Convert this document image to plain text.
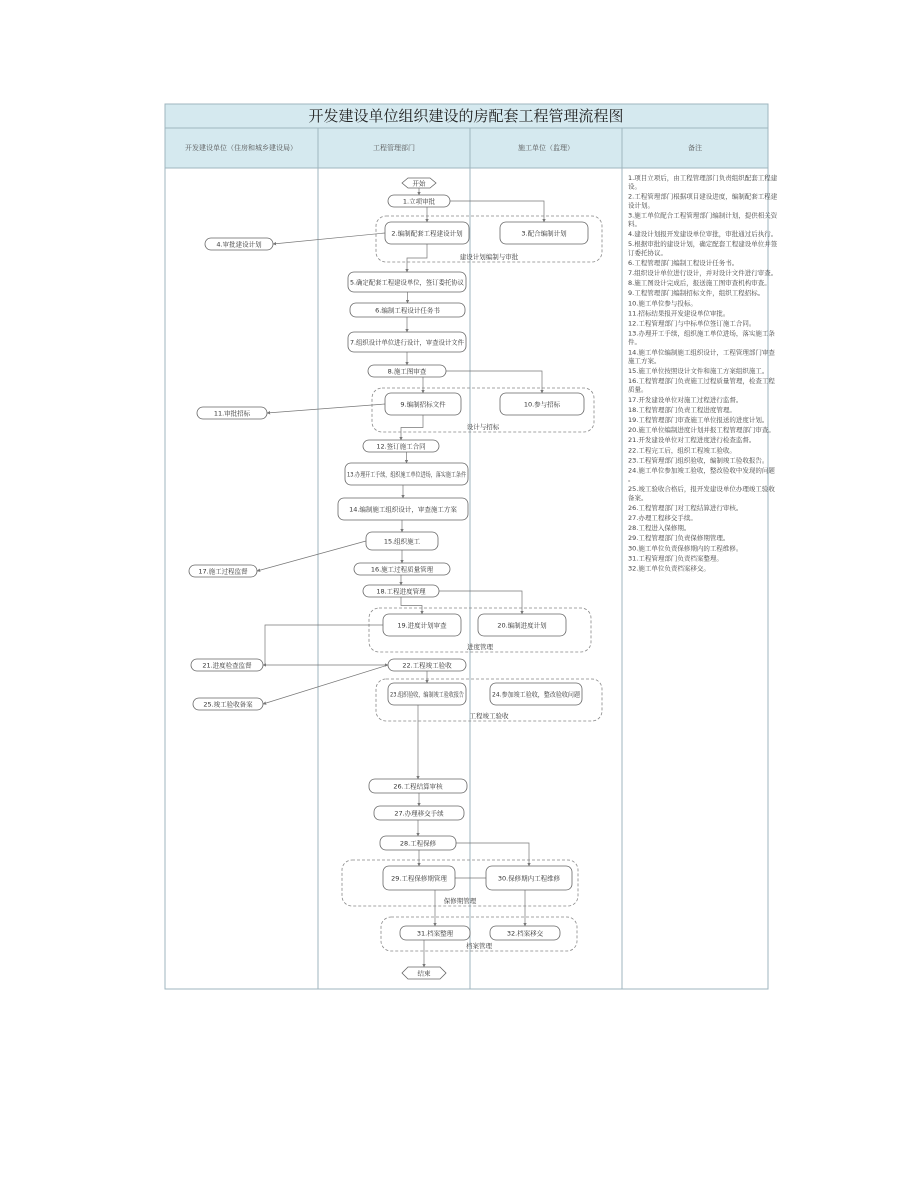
开发建设单位组织建设的房配套工程管理流程图
开发建设单位（住房和城乡建设局）	工程管理部门	施工单位（监理）	备注
建设计划编制与审批
设计与招标
进度管理
工程竣工验收
保修期管理
档案管理
开始
1.立项审批
2.编制配套工程建设计划	3.配合编制计划
4.审批建设计划
5.确定配套工程建设单位，签订委托协议
6.编制工程设计任务书
7.组织设计单位进行设计，审查设计文件
8.施工图审查
9.编制招标文件	10.参与招标
11.审批招标
12.签订施工合同
13.办理开工手续，组织施工单位进场，落实施工条件
14.编制施工组织设计，审查施工方案
15.组织施工
16.施工过程质量管理
17.施工过程监督
18.工程进度管理
19.进度计划审查	20.编制进度计划
21.进度检查监督	22.工程竣工验收
23.组织验收，编制竣工验收报告 24.参加竣工验收，整改验收问题
25.竣工验收备案
26.工程结算审核
27.办理移交手续
28.工程保修
29.工程保修期管理	30.保修期内工程维修
31.档案整理	32.档案移交
结束
1.项目立项后，由工程管理部门负责组织配套工程建设。
2.工程管理部门根据项目建设进度，编制配套工程建设计划。
3.施工单位配合工程管理部门编制计划，提供相关资料。
4.建设计划报开发建设单位审批，审批通过后执行。
5.根据审批的建设计划，确定配套工程建设单位并签订委托协议。
6.工程管理部门编制工程设计任务书。
7.组织设计单位进行设计，并对设计文件进行审查。
8.施工图设计完成后，报送施工图审查机构审查。
9.工程管理部门编制招标文件，组织工程招标。
10.施工单位参与投标。
11.招标结果报开发建设单位审批。
12.工程管理部门与中标单位签订施工合同。
13.办理开工手续，组织施工单位进场，落实施工条件。
14.施工单位编制施工组织设计，工程管理部门审查施工方案。
15.施工单位按照设计文件和施工方案组织施工。
16.工程管理部门负责施工过程质量管理，检查工程质量。
17.开发建设单位对施工过程进行监督。
18.工程管理部门负责工程进度管理。
19.工程管理部门审查施工单位报送的进度计划。
20.施工单位编制进度计划并报工程管理部门审查。
21.开发建设单位对工程进度进行检查监督。
22.工程完工后，组织工程竣工验收。
23.工程管理部门组织验收，编制竣工验收报告。
24.施工单位参加竣工验收，整改验收中发现的问题。
25.竣工验收合格后，报开发建设单位办理竣工验收备案。
26.工程管理部门对工程结算进行审核。
27.办理工程移交手续。
28.工程进入保修期。
29.工程管理部门负责保修期管理。
30.施工单位负责保修期内的工程维修。
31.工程管理部门负责档案整理。
32.施工单位负责档案移交。
